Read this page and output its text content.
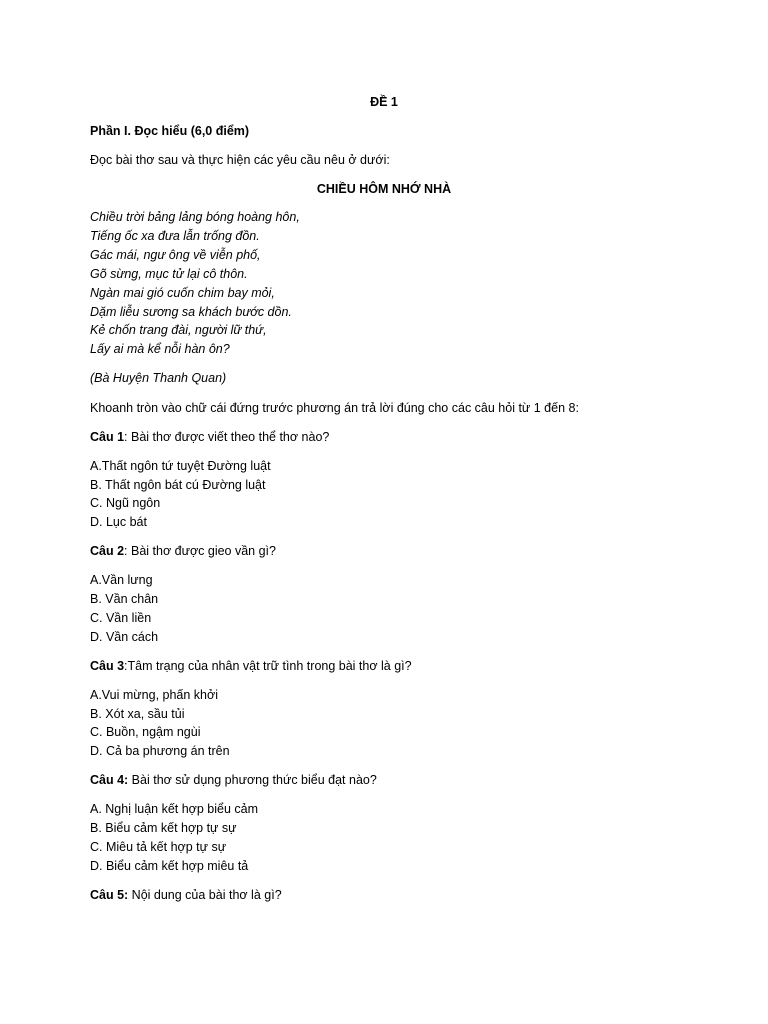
ĐỀ 1
Phần I. Đọc hiểu (6,0 điểm)
Đọc bài thơ sau và thực hiện các yêu cầu nêu ở dưới:
CHIỀU HÔM NHỚ NHÀ
Chiều trời bảng lảng bóng hoàng hôn,
Tiếng ốc xa đưa lẫn trống đồn.
Gác mái, ngư ông về viễn phố,
Gõ sừng, mục tử lại cô thôn.
Ngàn mai gió cuốn chim bay mỏi,
Dặm liễu sương sa khách bước dồn.
Kẻ chốn trang đài, người lữ thứ,
Lấy ai mà kể nỗi hàn ôn?
(Bà Huyện Thanh Quan)
Khoanh tròn vào chữ cái đứng trước phương án trả lời đúng cho các câu hỏi từ 1 đến 8:
Câu 1: Bài thơ được viết theo thể thơ nào?
A.Thất ngôn tứ tuyệt Đường luật
B. Thất ngôn bát cú Đường luật
C. Ngũ ngôn
D. Lục bát
Câu 2: Bài thơ được gieo vần gì?
A.Vần lưng
B. Vần chân
C. Vần liền
D. Vần cách
Câu 3:Tâm trạng của nhân vật trữ tình trong bài thơ là gì?
A.Vui mừng, phấn khởi
B. Xót xa, sầu tủi
C. Buồn, ngậm ngùi
D. Cả ba phương án trên
Câu 4: Bài thơ sử dụng phương thức biểu đạt nào?
A. Nghị luận kết hợp biểu cảm
B. Biểu cảm kết hợp tự sự
C. Miêu tả kết hợp tự sự
D. Biểu cảm kết hợp miêu tả
Câu 5: Nội dung của bài thơ là gì?
